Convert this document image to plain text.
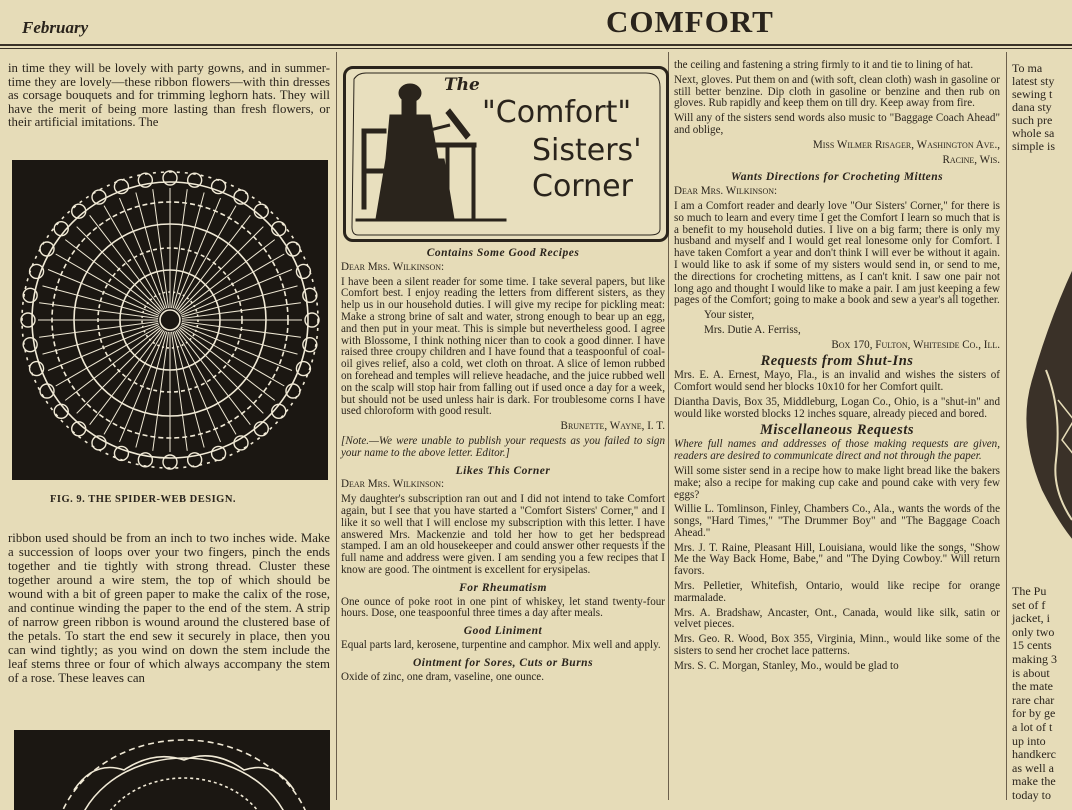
February	COMFORT

in time they will be lovely with party gowns, and in summer-time they are lovely—these ribbon flowers—with thin dresses as corsage bouquets and for trimming leghorn hats. They will have the merit of being more lasting than fresh flowers, or their artificial imitations. The

FIG. 9. THE SPIDER-WEB DESIGN.

ribbon used should be from an inch to two inches wide. Make a succession of loops over your two fingers, pinch the ends together and tie tightly with strong thread. Cluster these together around a wire stem, the top of which should be wound with a bit of green paper to make the calix of the rose, and continue winding the paper to the end of the stem. A strip of narrow green ribbon is wound around the clustered base of the petals. To start the end sew it securely in place, then you can wind tightly; as you wind on down the stem include the leaf stems three or four of which always accompany the stem of a rose. These leaves can

The
"Comfort"
Sisters'
Corner

Contains Some Good Recipes

Dear Mrs. Wilkinson:

I have been a silent reader for some time. I take several papers, but like Comfort best. I enjoy reading the letters from different sisters, as they help us in our household duties. I will give my recipe for pickling meat: Make a strong brine of salt and water, strong enough to bear up an egg, and then put in your meat. This is simple but nevertheless good. I agree with Blossome, I think nothing nicer than to cook a good dinner. I have raised three croupy children and I have found that a teaspoonful of coal-oil gives relief, also a cold, wet cloth on throat. A slice of lemon rubbed on forehead and temples will relieve headache, and the juice rubbed well on the scalp will stop hair from falling out if used once a day for a week, but should not be used unless hair is dark. For troublesome corns I have used chloroform with good result.

Brunette, Wayne, I. T.

[Note.—We were unable to publish your requests as you failed to sign your name to the above letter. Editor.]

Likes This Corner

Dear Mrs. Wilkinson:

My daughter's subscription ran out and I did not intend to take Comfort again, but I see that you have started a "Comfort Sisters' Corner," and I like it so well that I will enclose my subscription with this letter. I have answered Mrs. Mackenzie and told her how to get her bedspread stamped. I am an old housekeeper and could answer other requests if the full name and address were given. I am sending you a few recipes that I know are good. The ointment is excellent for erysipelas.

For Rheumatism

One ounce of poke root in one pint of whiskey, let stand twenty-four hours. Dose, one teaspoonful three times a day after meals.

Good Liniment

Equal parts lard, kerosene, turpentine and camphor. Mix well and apply.

Ointment for Sores, Cuts or Burns

Oxide of zinc, one dram, vaseline, one ounce.

the ceiling and fastening a string firmly to it and tie to lining of hat.

Next, gloves. Put them on and (with soft, clean cloth) wash in gasoline or still better benzine. Dip cloth in gasoline or benzine and then rub on gloves. Rub rapidly and keep them on till dry. Keep away from fire.

Will any of the sisters send words also music to "Baggage Coach Ahead" and oblige,

Miss Wilmer Risager, Washington Ave.,

Racine, Wis.

Wants Directions for Crocheting Mittens

Dear Mrs. Wilkinson:

I am a Comfort reader and dearly love "Our Sisters' Corner," for there is so much to learn and every time I get the Comfort I learn so much that is a benefit to my household duties. I live on a big farm; there is only my husband and myself and I would get real lonesome only for Comfort. I have taken Comfort a year and don't think I will ever be without it again. I would like to ask if some of my sisters would send in, or send to me, the directions for crocheting mittens, as I can't knit. I saw one pair not long ago and thought I would like to make a pair. I am just keeping a few pages of the Comfort; going to make a book and sew a year's all together.

Your sister,

Mrs. Dutie A. Ferriss,

Box 170, Fulton, Whiteside Co., Ill.

Requests from Shut-Ins

Mrs. E. A. Ernest, Mayo, Fla., is an invalid and wishes the sisters of Comfort would send her blocks 10x10 for her Comfort quilt.

Diantha Davis, Box 35, Middleburg, Logan Co., Ohio, is a "shut-in" and would like worsted blocks 12 inches square, already pieced and bored.

Miscellaneous Requests

Where full names and addresses of those making requests are given, readers are desired to communicate direct and not through the paper.

Will some sister send in a recipe how to make light bread like the bakers make; also a recipe for making cup cake and pound cake with very few eggs?

Willie L. Tomlinson, Finley, Chambers Co., Ala., wants the words of the songs, "Hard Times," "The Drummer Boy" and "The Baggage Coach Ahead."

Mrs. J. T. Raine, Pleasant Hill, Louisiana, would like the songs, "Show Me the Way Back Home, Babe," and "The Dying Cowboy." Will return favors.

Mrs. Pelletier, Whitefish, Ontario, would like recipe for orange marmalade.

Mrs. A. Bradshaw, Ancaster, Ont., Canada, would like silk, satin or velvet pieces.

Mrs. Geo. R. Wood, Box 355, Virginia, Minn., would like some of the sisters to send her crochet lace patterns.

Mrs. S. C. Morgan, Stanley, Mo., would be glad to

To ma
latest sty
sewing t
dana sty
such pre
whole sa
simple is
The Pu
set of f
jacket, i
only two
15 cents
making 3
is about
the mate
rare char
for by ge
a lot of t
up into
handkerc
as well a
make the
today to
